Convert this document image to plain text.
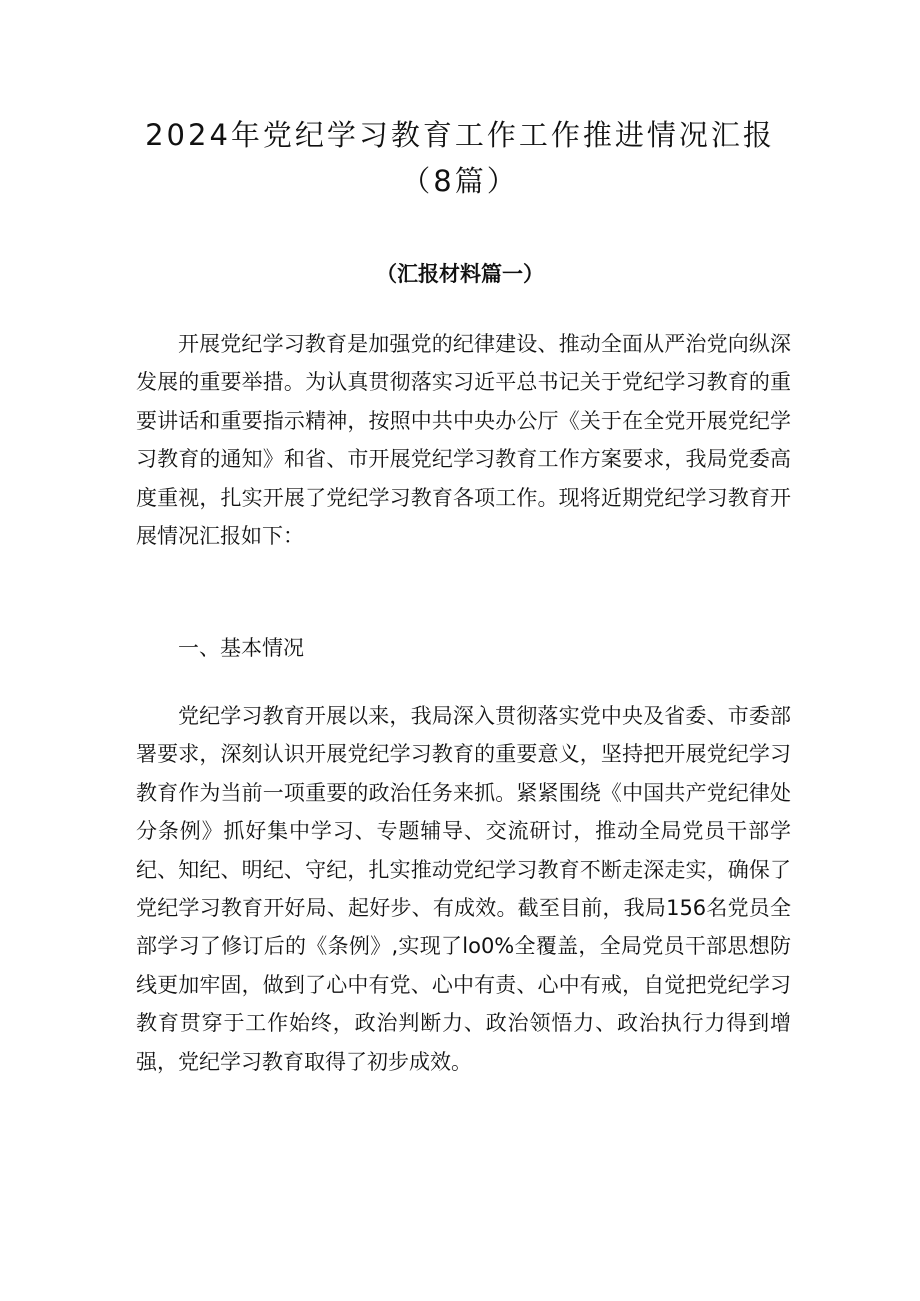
2024年党纪学习教育工作工作推进情况汇报（8篇）

（汇报材料篇一）

开展党纪学习教育是加强党的纪律建设、推动全面从严治党向纵深发展的重要举措。为认真贯彻落实习近平总书记关于党纪学习教育的重要讲话和重要指示精神，按照中共中央办公厅《关于在全党开展党纪学习教育的通知》和省、市开展党纪学习教育工作方案要求，我局党委高度重视，扎实开展了党纪学习教育各项工作。现将近期党纪学习教育开展情况汇报如下：

一、基本情况

党纪学习教育开展以来，我局深入贯彻落实党中央及省委、市委部署要求，深刻认识开展党纪学习教育的重要意义，坚持把开展党纪学习教育作为当前一项重要的政治任务来抓。紧紧围绕《中国共产党纪律处分条例》抓好集中学习、专题辅导、交流研讨，推动全局党员干部学纪、知纪、明纪、守纪，扎实推动党纪学习教育不断走深走实，确保了党纪学习教育开好局、起好步、有成效。截至目前，我局156名党员全部学习了修订后的《条例》,实现了lo0%全覆盖，全局党员干部思想防线更加牢固，做到了心中有党、心中有责、心中有戒，自觉把党纪学习教育贯穿于工作始终，政治判断力、政治领悟力、政治执行力得到增强，党纪学习教育取得了初步成效。
